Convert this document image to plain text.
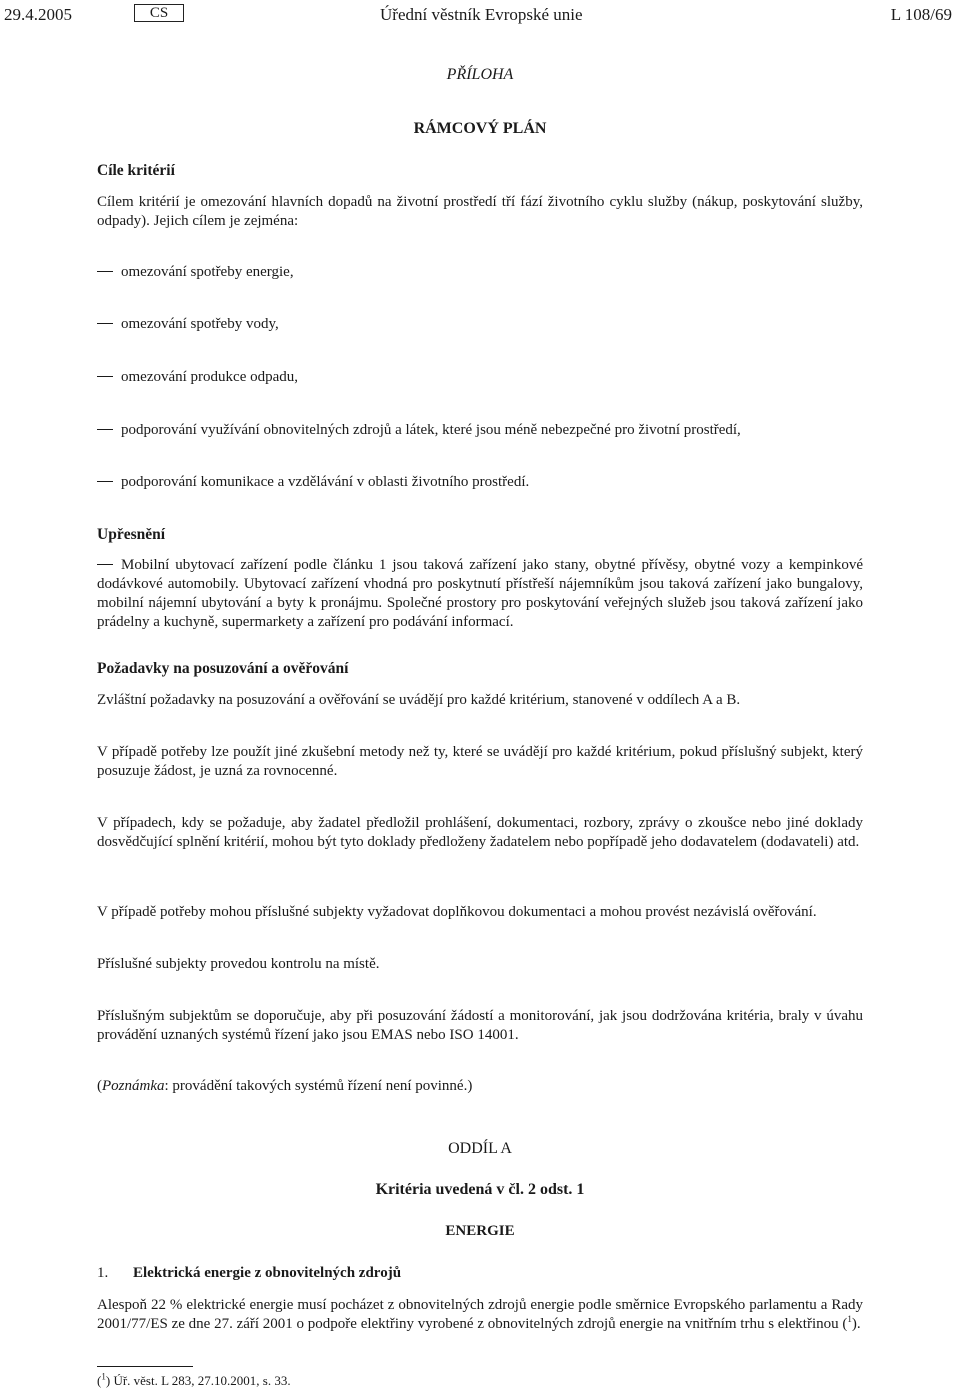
29.4.2005	CS	Úřední věstník Evropské unie	L 108/69
PŘÍLOHA
RÁMCOVÝ PLÁN
Cíle kritérií
Cílem kritérií je omezování hlavních dopadů na životní prostředí tří fází životního cyklu služby (nákup, poskytování služby, odpady). Jejich cílem je zejména:
omezování spotřeby energie,
omezování spotřeby vody,
omezování produkce odpadu,
podporování využívání obnovitelných zdrojů a látek, které jsou méně nebezpečné pro životní prostředí,
podporování komunikace a vzdělávání v oblasti životního prostředí.
Upřesnění
Mobilní ubytovací zařízení podle článku 1 jsou taková zařízení jako stany, obytné přívěsy, obytné vozy a kempinkové dodávkové automobily. Ubytovací zařízení vhodná pro poskytnutí přístřeší nájemníkům jsou taková zařízení jako bungalovy, mobilní nájemní ubytování a byty k pronájmu. Společné prostory pro poskytování veřejných služeb jsou taková zařízení jako prádelny a kuchyně, supermarkety a zařízení pro podávání informací.
Požadavky na posuzování a ověřování
Zvláštní požadavky na posuzování a ověřování se uvádějí pro každé kritérium, stanovené v oddílech A a B.
V případě potřeby lze použít jiné zkušební metody než ty, které se uvádějí pro každé kritérium, pokud příslušný subjekt, který posuzuje žádost, je uzná za rovnocenné.
V případech, kdy se požaduje, aby žadatel předložil prohlášení, dokumentaci, rozbory, zprávy o zkoušce nebo jiné doklady dosvědčující splnění kritérií, mohou být tyto doklady předloženy žadatelem nebo popřípadě jeho dodavatelem (dodavateli) atd.
V případě potřeby mohou příslušné subjekty vyžadovat doplňkovou dokumentaci a mohou provést nezávislá ověřování.
Příslušné subjekty provedou kontrolu na místě.
Příslušným subjektům se doporučuje, aby při posuzování žádostí a monitorování, jak jsou dodržována kritéria, braly v úvahu provádění uznaných systémů řízení jako jsou EMAS nebo ISO 14001.
(Poznámka: provádění takových systémů řízení není povinné.)
ODDÍL A
Kritéria uvedená v čl. 2 odst. 1
ENERGIE
1. Elektrická energie z obnovitelných zdrojů
Alespoň 22 % elektrické energie musí pocházet z obnovitelných zdrojů energie podle směrnice Evropského parlamentu a Rady 2001/77/ES ze dne 27. září 2001 o podpoře elektřiny vyrobené z obnovitelných zdrojů energie na vnitřním trhu s elektřinou ($^1$).
($^1$) Úř. věst. L 283, 27.10.2001, s. 33.
